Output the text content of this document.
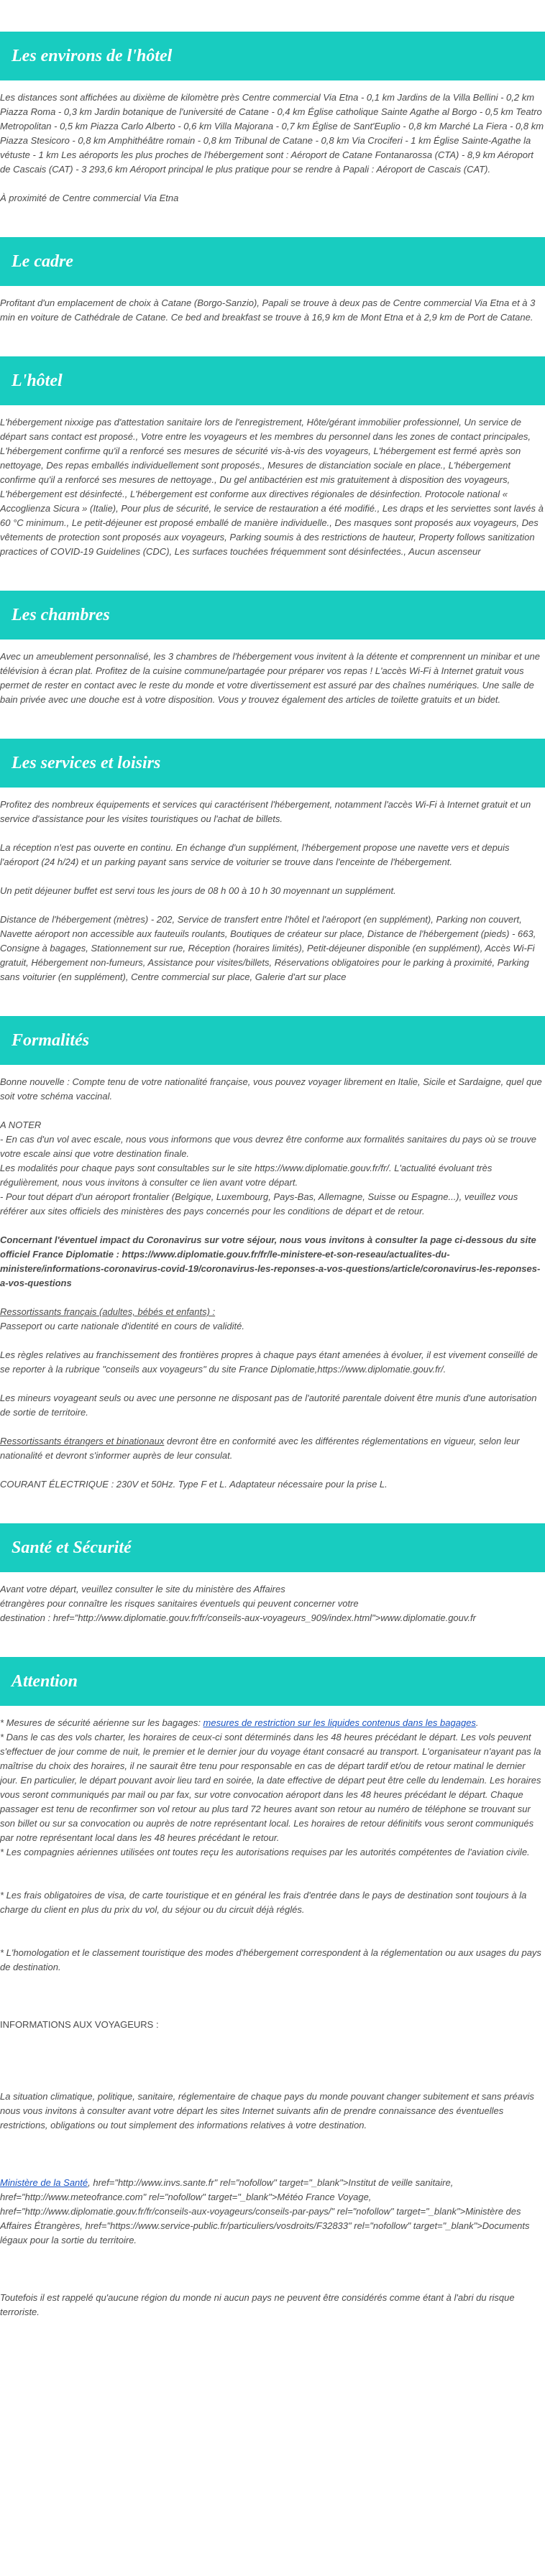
Les environs de l'hôtel

Les distances sont affichées au dixième de kilomètre près Centre commercial Via Etna - 0,1 km Jardins de la Villa Bellini - 0,2 km Piazza Roma - 0,3 km Jardin botanique de l'université de Catane - 0,4 km Église catholique Sainte Agathe al Borgo - 0,5 km Teatro Metropolitan - 0,5 km Piazza Carlo Alberto - 0,6 km Villa Majorana - 0,7 km Église de Sant'Euplio - 0,8 km Marché La Fiera - 0,8 km Piazza Stesicoro - 0,8 km Amphithéâtre romain - 0,8 km Tribunal de Catane - 0,8 km Via Crociferi - 1 km Église Sainte-Agathe la vétuste - 1 km Les aéroports les plus proches de l'hébergement sont : Aéroport de Catane Fontanarossa (CTA) - 8,9 km Aéroport de Cascais (CAT) - 3 293,6 km Aéroport principal le plus pratique pour se rendre à Papali : Aéroport de Cascais (CAT).

À proximité de Centre commercial Via Etna

Le cadre

Profitant d'un emplacement de choix à Catane (Borgo-Sanzio), Papali se trouve à deux pas de Centre commercial Via Etna et à 3 min en voiture de Cathédrale de Catane. Ce bed and breakfast se trouve à 16,9 km de Mont Etna et à 2,9 km de Port de Catane.

L'hôtel

L'hébergement nixxige pas d'attestation sanitaire lors de l'enregistrement, Hôte/gérant immobilier professionnel, Un service de départ sans contact est proposé., Votre entre les voyageurs et les membres du personnel dans les zones de contact principales, L'hébergement confirme qu'il a renforcé ses mesures de sécurité vis-à-vis des voyageurs, L'hébergement est fermé après son nettoyage, Des repas emballés individuellement sont proposés., Mesures de distanciation sociale en place., L'hébergement confirme qu'il a renforcé ses mesures de nettoyage., Du gel antibactérien est mis gratuitement à disposition des voyageurs, L'hébergement est désinfecté., L'hébergement est conforme aux directives régionales de désinfection. Protocole national « Accoglienza Sicura » (Italie), Pour plus de sécurité, le service de restauration a été modifié., Les draps et les serviettes sont lavés à 60 °C minimum., Le petit-déjeuner est proposé emballé de manière individuelle., Des masques sont proposés aux voyageurs, Des vêtements de protection sont proposés aux voyageurs, Parking soumis à des restrictions de hauteur, Property follows sanitization practices of COVID-19 Guidelines (CDC), Les surfaces touchées fréquemment sont désinfectées., Aucun ascenseur

Les chambres

Avec un ameublement personnalisé, les 3 chambres de l'hébergement vous invitent à la détente et comprennent un minibar et une télévision à écran plat. Profitez de la cuisine commune/partagée pour préparer vos repas ! L'accès Wi-Fi à Internet gratuit vous permet de rester en contact avec le reste du monde et votre divertissement est assuré par des chaînes numériques. Une salle de bain privée avec une douche est à votre disposition. Vous y trouvez également des articles de toilette gratuits et un bidet.

Les services et loisirs

Profitez des nombreux équipements et services qui caractérisent l'hébergement, notamment l'accès Wi-Fi à Internet gratuit et un service d'assistance pour les visites touristiques ou l'achat de billets.

La réception n'est pas ouverte en continu. En échange d'un supplément, l'hébergement propose une navette vers et depuis l'aéroport (24 h/24) et un parking payant sans service de voiturier se trouve dans l'enceinte de l'hébergement.

Un petit déjeuner buffet est servi tous les jours de 08 h 00 à 10 h 30 moyennant un supplément.

Distance de l'hébergement (mètres) - 202, Service de transfert entre l'hôtel et l'aéroport (en supplément), Parking non couvert, Navette aéroport non accessible aux fauteuils roulants, Boutiques de créateur sur place, Distance de l'hébergement (pieds) - 663, Consigne à bagages, Stationnement sur rue, Réception (horaires limités), Petit-déjeuner disponible (en supplément), Accès Wi-Fi gratuit, Hébergement non-fumeurs, Assistance pour visites/billets, Réservations obligatoires pour le parking à proximité, Parking sans voiturier (en supplément), Centre commercial sur place, Galerie d'art sur place

Formalités

Bonne nouvelle : Compte tenu de votre nationalité française, vous pouvez voyager librement en Italie, Sicile et Sardaigne, quel que soit votre schéma vaccinal.

A NOTER
- En cas d'un vol avec escale, nous vous informons que vous devrez être conforme aux formalités sanitaires du pays où se trouve votre escale ainsi que votre destination finale.
Les modalités pour chaque pays sont consultables sur le site https://www.diplomatie.gouv.fr/fr/. L'actualité évoluant très régulièrement, nous vous invitons à consulter ce lien avant votre départ.
- Pour tout départ d'un aéroport frontalier (Belgique, Luxembourg, Pays-Bas, Allemagne, Suisse ou Espagne...), veuillez vous référer aux sites officiels des ministères des pays concernés pour les conditions de départ et de retour.

Concernant l'éventuel impact du Coronavirus sur votre séjour, nous vous invitons à consulter la page ci-dessous du site officiel France Diplomatie : https://www.diplomatie.gouv.fr/fr/le-ministere-et-son-reseau/actualites-du-ministere/informations-coronavirus-covid-19/coronavirus-les-reponses-a-vos-questions/article/coronavirus-les-reponses-a-vos-questions

Ressortissants français (adultes, bébés et enfants) :
Passeport ou carte nationale d'identité en cours de validité.

Les règles relatives au franchissement des frontières propres à chaque pays étant amenées à évoluer, il est vivement conseillé de se reporter à la rubrique "conseils aux voyageurs" du site France Diplomatie,https://www.diplomatie.gouv.fr/.

Les mineurs voyageant seuls ou avec une personne ne disposant pas de l'autorité parentale doivent être munis d'une autorisation de sortie de territoire.

Ressortissants étrangers et binationaux devront être en conformité avec les différentes réglementations en vigueur, selon leur nationalité et devront s'informer auprès de leur consulat.

COURANT ÉLECTRIQUE : 230V et 50Hz. Type F et L. Adaptateur nécessaire pour la prise L.

Santé et Sécurité

Avant votre départ, veuillez consulter le site du ministère des Affaires
étrangères pour connaître les risques sanitaires éventuels qui peuvent concerner votre
destination : href="http://www.diplomatie.gouv.fr/fr/conseils-aux-voyageurs_909/index.html">www.diplomatie.gouv.fr

Attention

* Mesures de sécurité aérienne sur les bagages: mesures de restriction sur les liquides contenus dans les bagages.
* Dans le cas des vols charter, les horaires de ceux-ci sont déterminés dans les 48 heures précédant le départ. Les vols peuvent s'effectuer de jour comme de nuit, le premier et le dernier jour du voyage étant consacré au transport. L'organisateur n'ayant pas la maîtrise du choix des horaires, il ne saurait être tenu pour responsable en cas de départ tardif et/ou de retour matinal le dernier jour. En particulier, le départ pouvant avoir lieu tard en soirée, la date effective de départ peut être celle du lendemain. Les horaires vous seront communiqués par mail ou par fax, sur votre convocation aéroport dans les 48 heures précédant le départ. Chaque passager est tenu de reconfirmer son vol retour au plus tard 72 heures avant son retour au numéro de téléphone se trouvant sur son billet ou sur sa convocation ou auprès de notre représentant local. Les horaires de retour définitifs vous seront communiqués par notre représentant local dans les 48 heures précédant le retour.
* Les compagnies aériennes utilisées ont toutes reçu les autorisations requises par les autorités compétentes de l'aviation civile.

* Les frais obligatoires de visa, de carte touristique et en général les frais d'entrée dans le pays de destination sont toujours à la charge du client en plus du prix du vol, du séjour ou du circuit déjà réglés.

* L'homologation et le classement touristique des modes d'hébergement correspondent à la réglementation ou aux usages du pays de destination.

INFORMATIONS AUX VOYAGEURS :

La situation climatique, politique, sanitaire, réglementaire de chaque pays du monde pouvant changer subitement et sans préavis
nous vous invitons à consulter avant votre départ les sites Internet suivants afin de prendre connaissance des éventuelles restrictions, obligations ou tout simplement des informations relatives à votre destination.

Ministère de la Santé, href="http://www.invs.sante.fr" rel="nofollow" target="_blank">Institut de veille sanitaire, href="http://www.meteofrance.com" rel="nofollow" target="_blank">Météo France Voyage, href="http://www.diplomatie.gouv.fr/fr/conseils-aux-voyageurs/conseils-par-pays/" rel="nofollow" target="_blank">Ministère des Affaires Étrangères, href="https://www.service-public.fr/particuliers/vosdroits/F32833" rel="nofollow" target="_blank">Documents légaux pour la sortie du territoire.

Toutefois il est rappelé qu'aucune région du monde ni aucun pays ne peuvent être considérés comme étant à l'abri du risque terroriste.
